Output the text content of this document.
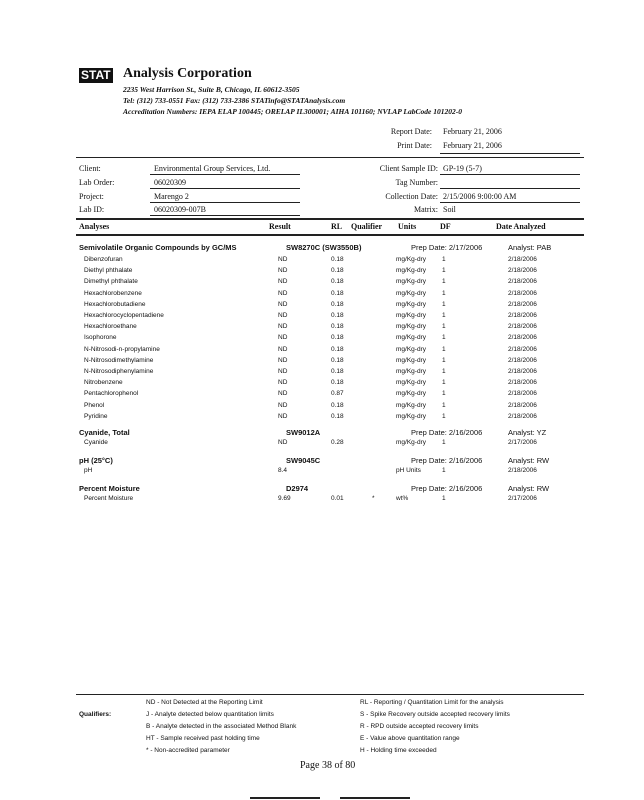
STAT Analysis Corporation
2235 West Harrison St., Suite B, Chicago, IL 60612-3505
Tel: (312) 733-0551 Fax: (312) 733-2386 STATinfo@STATAnalysis.com
Accreditation Numbers: IEPA ELAP 100445; ORELAP IL300001; AIHA 101160; NVLAP LabCode 101202-0
Report Date: February 21, 2006
Print Date: February 21, 2006
Client:	Environmental Group Services, Ltd.
Lab Order:	06020309
Project:	Marengo 2
Lab ID:	06020309-007B
Client Sample ID: GP-19 (5-7)
Tag Number:
Collection Date: 2/15/2006 9:00:00 AM
Matrix: Soil
Analyses	Result	RL Qualifier Units	DF	Date Analyzed
Semivolatile Organic Compounds by GC/MS	SW8270C (SW3550B)	Prep Date: 2/17/2006	Analyst: PAB
Dibenzofuran	ND	0.18	mg/Kg-dry 1	2/18/2006
Diethyl phthalate	ND	0.18	mg/Kg-dry 1	2/18/2006
Dimethyl phthalate	ND	0.18	mg/Kg-dry 1	2/18/2006
Hexachlorobenzene	ND	0.18	mg/Kg-dry 1	2/18/2006
Hexachlorobutadiene	ND	0.18	mg/Kg-dry 1	2/18/2006
Hexachlorocyclopentadiene	ND	0.18	mg/Kg-dry 1	2/18/2006
Hexachloroethane	ND	0.18	mg/Kg-dry 1	2/18/2006
Isophorone	ND	0.18	mg/Kg-dry 1	2/18/2006
N-Nitrosodi-n-propylamine	ND	0.18	mg/Kg-dry 1	2/18/2006
N-Nitrosodimethylamine	ND	0.18	mg/Kg-dry 1	2/18/2006
N-Nitrosodiphenylamine	ND	0.18	mg/Kg-dry 1	2/18/2006
Nitrobenzene	ND	0.18	mg/Kg-dry 1	2/18/2006
Pentachlorophenol	ND	0.87	mg/Kg-dry 1	2/18/2006
Phenol	ND	0.18	mg/Kg-dry 1	2/18/2006
Pyridine	ND	0.18	mg/Kg-dry 1	2/18/2006
Cyanide, Total	SW9012A	Prep Date: 2/16/2006	Analyst: YZ
Cyanide	ND	0.28	mg/Kg-dry 1	2/17/2006
pH (25°C)	SW9045C	Prep Date: 2/16/2006	Analyst: RW
pH	8.4	pH Units	1	2/18/2006
Percent Moisture	D2974	Prep Date: 2/16/2006	Analyst: RW
Percent Moisture	9.69	0.01	*	wt%	1	2/17/2006
Qualifiers:
ND - Not Detected at the Reporting Limit
J - Analyte detected below quantitation limits
B - Analyte detected in the associated Method Blank
HT - Sample received past holding time
* - Non-accredited parameter
RL - Reporting / Quantitation Limit for the analysis
S - Spike Recovery outside accepted recovery limits
R - RPD outside accepted recovery limits
E - Value above quantitation range
H - Holding time exceeded
Page 38 of 80
